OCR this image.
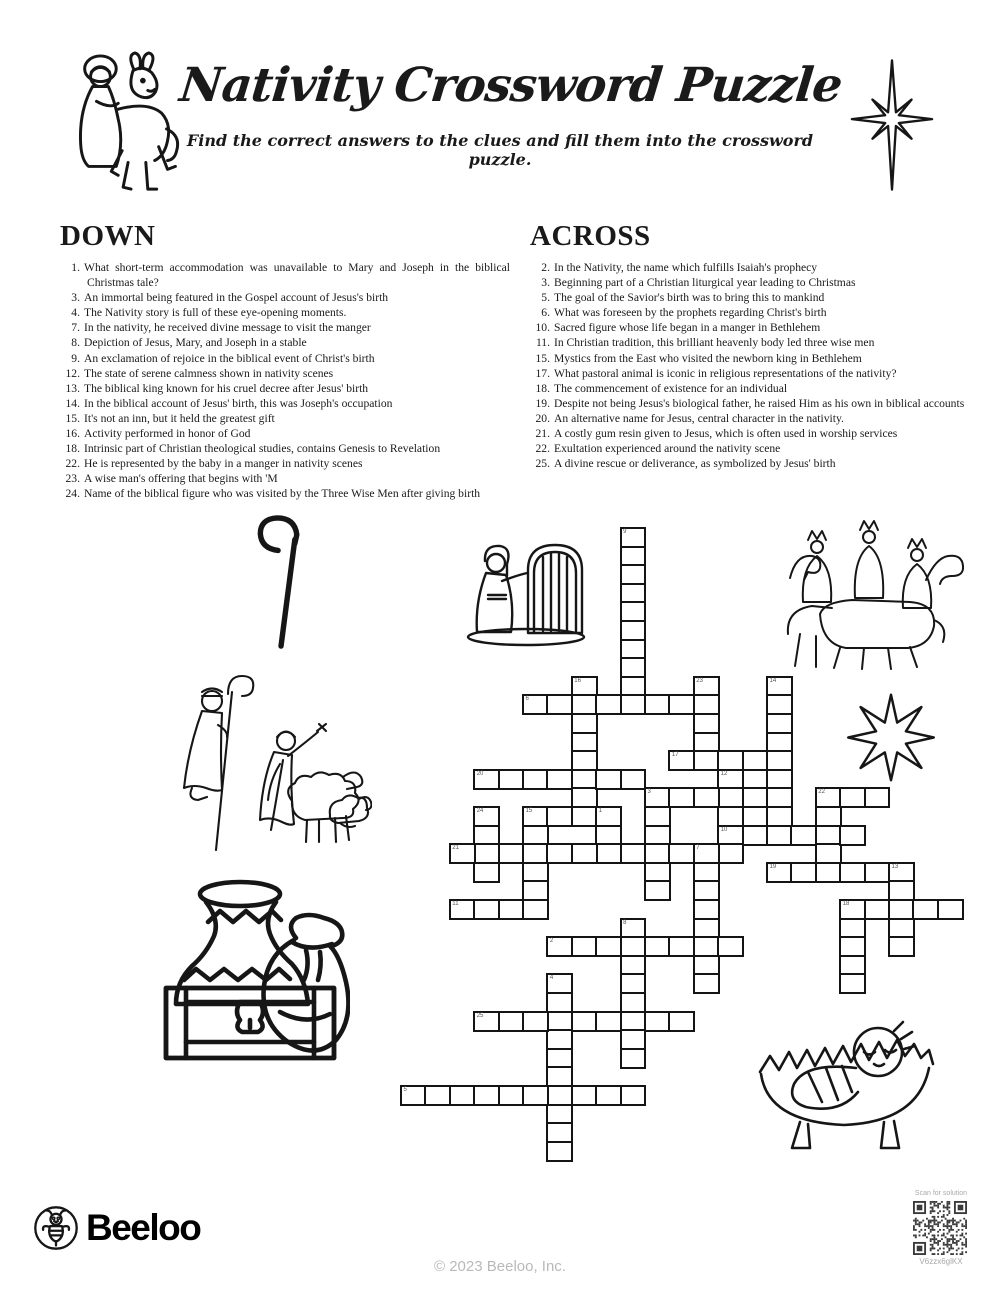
Nativity Crossword Puzzle
Find the correct answers to the clues and fill them into the crossword puzzle.
DOWN
1. What short-term accommodation was unavailable to Mary and Joseph in the biblical Christmas tale?
3. An immortal being featured in the Gospel account of Jesus's birth
4. The Nativity story is full of these eye-opening moments.
7. In the nativity, he received divine message to visit the manger
8. Depiction of Jesus, Mary, and Joseph in a stable
9. An exclamation of rejoice in the biblical event of Christ's birth
12. The state of serene calmness shown in nativity scenes
13. The biblical king known for his cruel decree after Jesus' birth
14. In the biblical account of Jesus' birth, this was Joseph's occupation
15. It's not an inn, but it held the greatest gift
16. Activity performed in honor of God
18. Intrinsic part of Christian theological studies, contains Genesis to Revelation
22. He is represented by the baby in a manger in nativity scenes
23. A wise man's offering that begins with 'M
24. Name of the biblical figure who was visited by the Three Wise Men after giving birth
ACROSS
2. In the Nativity, the name which fulfills Isaiah's prophecy
3. Beginning part of a Christian liturgical year leading to Christmas
5. The goal of the Savior's birth was to bring this to mankind
6. What was foreseen by the prophets regarding Christ's birth
10. Sacred figure whose life began in a manger in Bethlehem
11. In Christian tradition, this brilliant heavenly body led three wise men
15. Mystics from the East who visited the newborn king in Bethlehem
17. What pastoral animal is iconic in religious representations of the nativity?
18. The commencement of existence for an individual
19. Despite not being Jesus's biological father, he raised Him as his own in biblical accounts
20. An alternative name for Jesus, central character in the nativity.
21. A costly gum resin given to Jesus, which is often used in worship services
22. Exultation experienced around the nativity scene
25. A divine rescue or deliverance, as symbolized by Jesus' birth
9
16	23	14
6
17
20	12
10
3	22
24	15	1
21	7
19	13
11	18
8
2
4
25
5
Beeloo
© 2023 Beeloo, Inc.
Scan for solution
V6zzx6glKX
